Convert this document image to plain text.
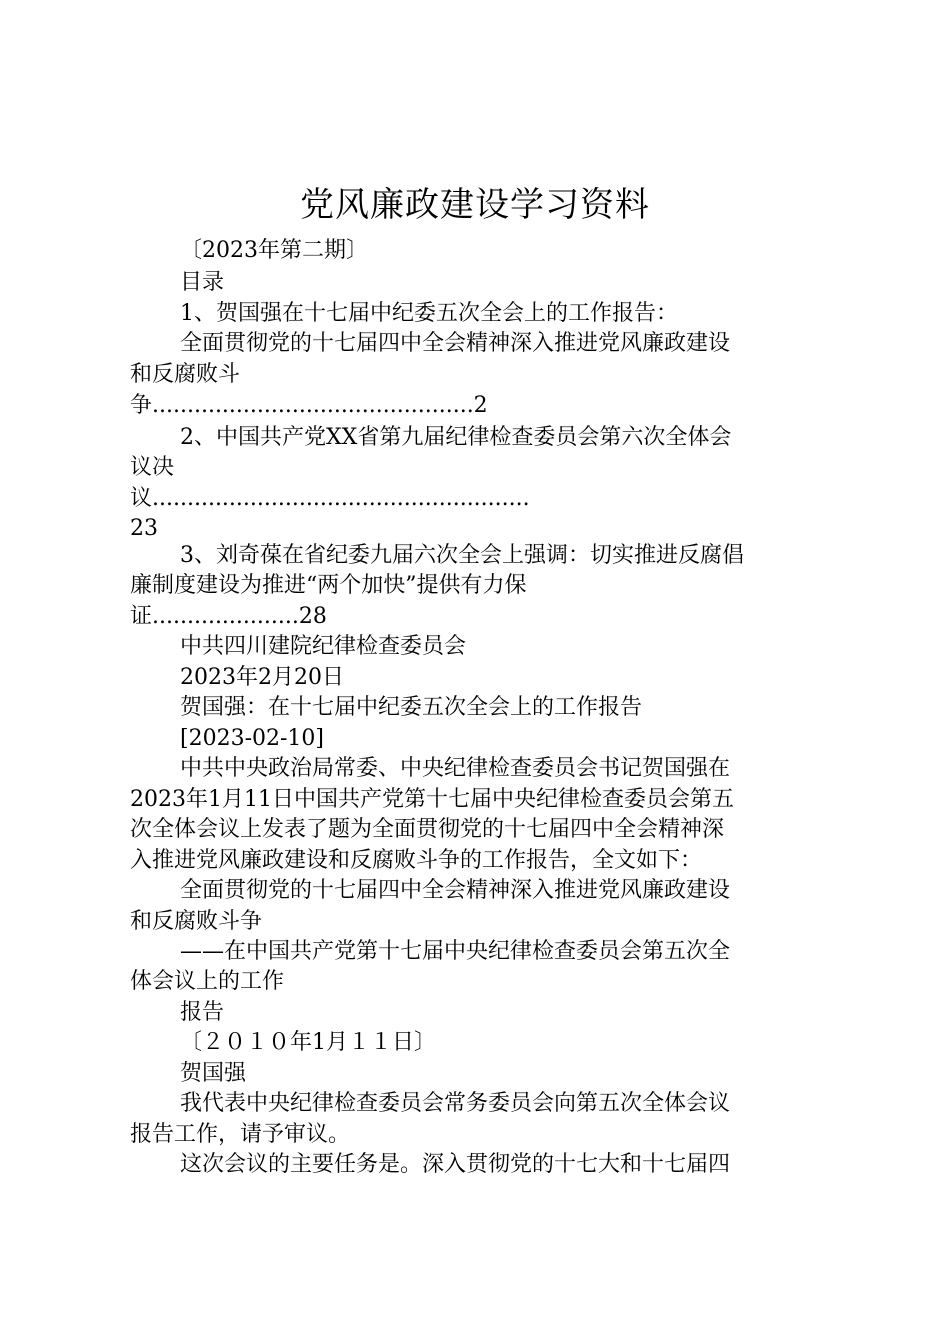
党风廉政建设学习资料
〔2023年第二期〕
目录
1、贺国强在十七届中纪委五次全会上的工作报告：
全面贯彻党的十七届四中全会精神深入推进党风廉政建设
和反腐败斗
争..............................................2
2、中国共产党XX省第九届纪律检查委员会第六次全体会
议决
议......................................................
23
3、刘奇葆在省纪委九届六次全会上强调：切实推进反腐倡
廉制度建设为推进“两个加快”提供有力保
证.....................28
中共四川建院纪律检查委员会
2023年2月20日
贺国强：在十七届中纪委五次全会上的工作报告
[2023-02-10]
中共中央政治局常委、中央纪律检查委员会书记贺国强在
2023年1月11日中国共产党第十七届中央纪律检查委员会第五
次全体会议上发表了题为全面贯彻党的十七届四中全会精神深
入推进党风廉政建设和反腐败斗争的工作报告，全文如下：
全面贯彻党的十七届四中全会精神深入推进党风廉政建设
和反腐败斗争
——在中国共产党第十七届中央纪律检查委员会第五次全
体会议上的工作
报告
〔２０１０年1月１１日〕
贺国强
我代表中央纪律检查委员会常务委员会向第五次全体会议
报告工作，请予审议。
这次会议的主要任务是。深入贯彻党的十七大和十七届四
